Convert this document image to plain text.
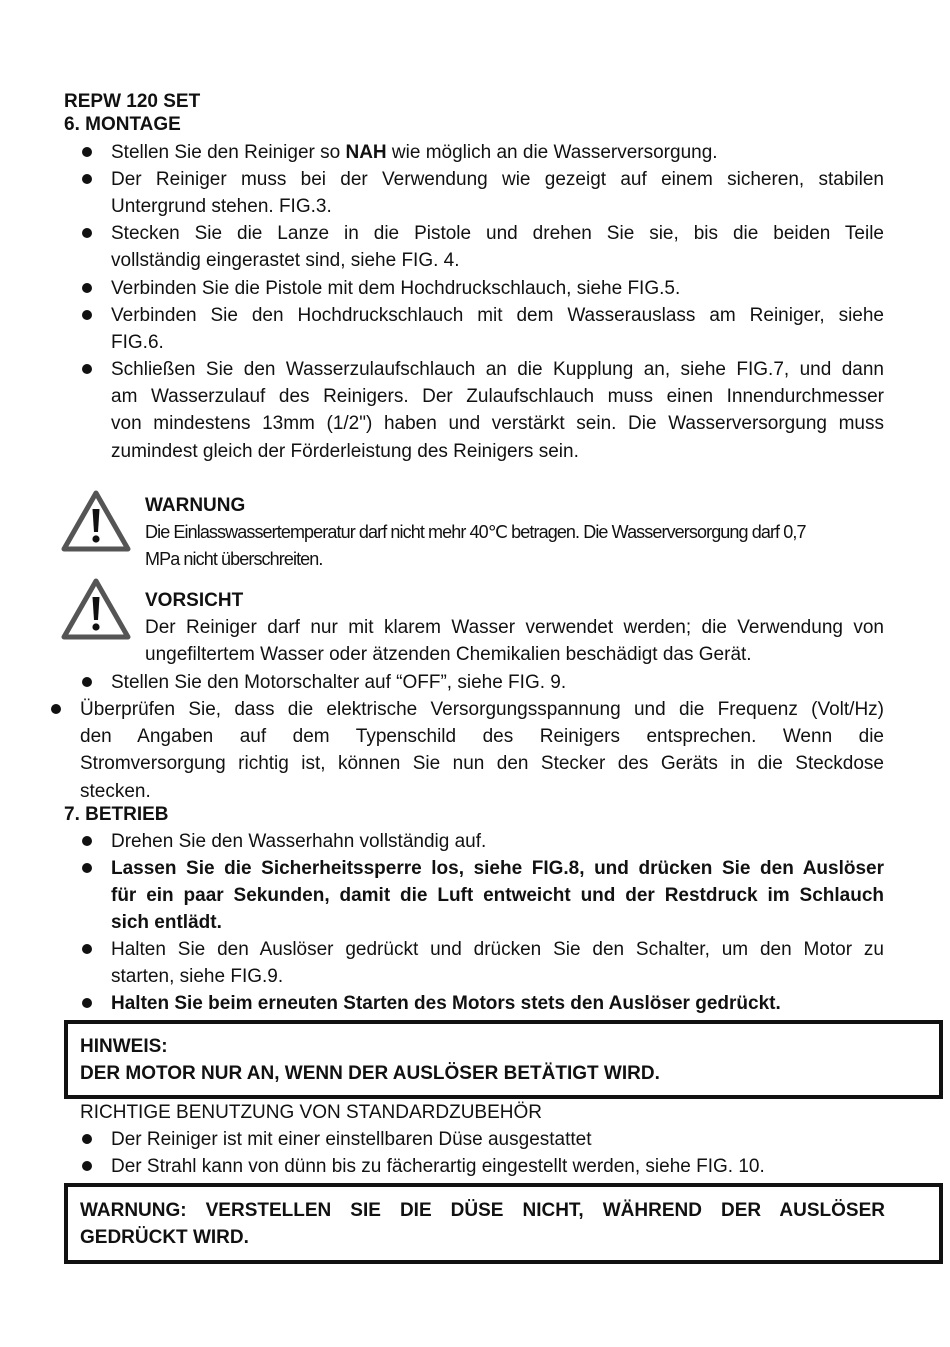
REPW 120 SET
6. MONTAGE
Stellen Sie den Reiniger so NAH wie möglich an die Wasserversorgung.
Der Reiniger muss bei der Verwendung wie gezeigt auf einem sicheren, stabilen
Untergrund stehen. FIG.3.
Stecken Sie die Lanze in die Pistole und drehen Sie sie, bis die beiden Teile
vollständig eingerastet sind, siehe FIG. 4.
Verbinden Sie die Pistole mit dem Hochdruckschlauch, siehe FIG.5.
Verbinden Sie den Hochdruckschlauch mit dem Wasserauslass am Reiniger, siehe
FIG.6.
Schließen Sie den Wasserzulaufschlauch an die Kupplung an, siehe FIG.7, und dann
am Wasserzulauf des Reinigers. Der Zulaufschlauch muss einen Innendurchmesser
von mindestens 13mm (1/2") haben und verstärkt sein. Die Wasserversorgung muss
zumindest gleich der Förderleistung des Reinigers sein.
WARNUNG
Die Einlasswassertemperatur darf nicht mehr 40℃ betragen. Die Wasserversorgung darf 0,7
MPa nicht überschreiten.
VORSICHT
Der Reiniger darf nur mit klarem Wasser verwendet werden; die Verwendung von
ungefiltertem Wasser oder ätzenden Chemikalien beschädigt das Gerät.
Stellen Sie den Motorschalter auf “OFF”, siehe FIG. 9.
Überprüfen Sie, dass die elektrische Versorgungsspannung und die Frequenz (Volt/Hz)
den Angaben auf dem Typenschild des Reinigers entsprechen. Wenn die
Stromversorgung richtig ist, können Sie nun den Stecker des Geräts in die Steckdose
stecken.
7. BETRIEB
Drehen Sie den Wasserhahn vollständig auf.
Lassen Sie die Sicherheitssperre los, siehe FIG.8, und drücken Sie den Auslöser
für ein paar Sekunden, damit die Luft entweicht und der Restdruck im Schlauch
sich entlädt.
Halten Sie den Auslöser gedrückt und drücken Sie den Schalter, um den Motor zu
starten, siehe FIG.9.
Halten Sie beim erneuten Starten des Motors stets den Auslöser gedrückt.
HINWEIS:
DER MOTOR NUR AN, WENN DER AUSLÖSER BETÄTIGT WIRD.
RICHTIGE BENUTZUNG VON STANDARDZUBEHÖR
Der Reiniger ist mit einer einstellbaren Düse ausgestattet
Der Strahl kann von dünn bis zu fächerartig eingestellt werden, siehe FIG. 10.
WARNUNG: VERSTELLEN SIE DIE DÜSE NICHT, WÄHREND DER AUSLÖSER
GEDRÜCKT WIRD.
